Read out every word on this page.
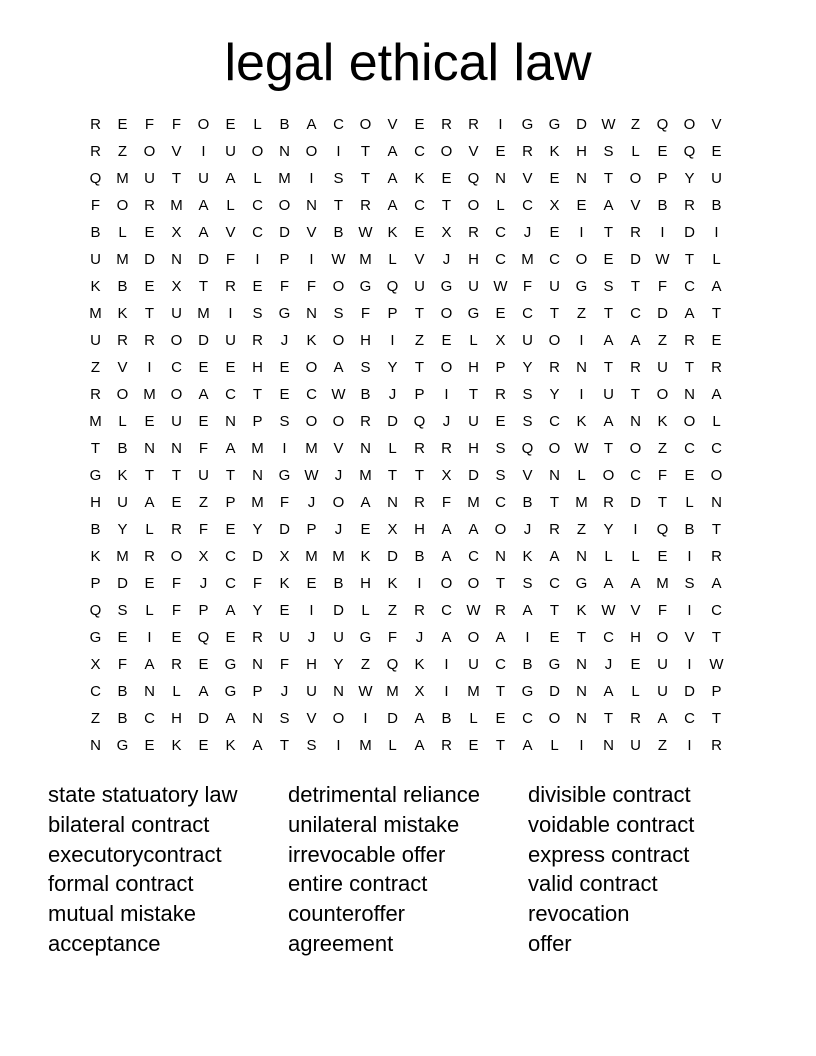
legal ethical law
R	E	F	F	O	E	L	B	A	C	O	V	E	R	R	I	G	G	D W	Z	Q	O	V
R	Z	O	V	I	U	O	N	O	I	T	A	C	O	V	E	R	K	H	S	L	E	Q	E
Q M	U	T	U	A	L	M	I	S	T	A	K	E	Q	N	V	E	N	T	O	P	Y	U
F	O	R	M	A	L	C	O	N	T	R	A	C	T	O	L	C	X	E	A	V	B	R	B
B	L	E	X	A	V	C	D	V	B W K	E	X	R	C	J	E	I	T	R	I	D	I
U	M	D	N	D	F	I	P	I	W M	L	V	J	H	C	M	C	O	E	D W	T	L
K	B	E	X	T	R	E	F	F	O	G	Q	U	G	U W	F	U	G	S	T	F	C	A
M	K	T	U	M	I	S	G	N	S	F	P	T	O	G	E	C	T	Z	T	C	D	A	T
U	R	R	O	D	U	R	J	K	O	H	I	Z	E	L	X	U	O	I	A	A	Z	R	E
Z	V	I	C	E	E	H	E	O	A	S	Y	T	O	H	P	Y	R	N	T	R	U	T	R
R	O M O	A	C	T	E	C W B	J	P	I	T	R	S	Y	I	U	T	O	N	A
M	L	E	U	E	N	P	S	O	O	R	D	Q	J	U	E	S	C	K	A	N	K	O	L
T	B	N	N	F	A	M	I	M	V	N	L	R	R	H	S	Q	O W	T	O	Z	C	C
G	K	T	T	U	T	N	G W	J	M	T	T	X	D	S	V	N	L	O	C	F	E	O
H	U	A	E	Z	P	M	F	J	O	A	N	R	F	M	C	B	T	M	R	D	T	L	N
B	Y	L	R	F	E	Y	D	P	J	E	X	H	A	A	O	J	R	Z	Y	I	Q	B	T
K	M	R	O	X	C	D	X	M M	K	D	B	A	C	N	K	A	N	L	L	E	I	R
P	D	E	F	J	C	F	K	E	B	H	K	I	O	O	T	S	C	G	A	A	M	S	A
Q	S	L	F	P	A	Y	E	I	D	L	Z	R	C W R	A	T	K W V	F	I	C
G	E	I	E	Q	E	R	U	J	U	G	F	J	A	O	A	I	E	T	C	H	O	V	T
X	F	A	R	E	G	N	F	H	Y	Z	Q	K	I	U	C	B	G	N	J	E	U	I	W
C	B	N	L	A	G	P	J	U	N W M	X	I	M	T	G	D	N	A	L	U	D	P
Z	B	C	H	D	A	N	S	V	O	I	D	A	B	L	E	C	O	N	T	R	A	C	T
N	G	E	K	E	K	A	T	S	I	M	L	A	R	E	T	A	L	I	N	U	Z	I	R
state statuatory law
bilateral contract
executorycontract
formal contract
mutual mistake
acceptance
detrimental reliance
unilateral mistake
irrevocable offer
entire contract
counteroffer
agreement
divisible contract
voidable contract
express contract
valid contract
revocation
offer
